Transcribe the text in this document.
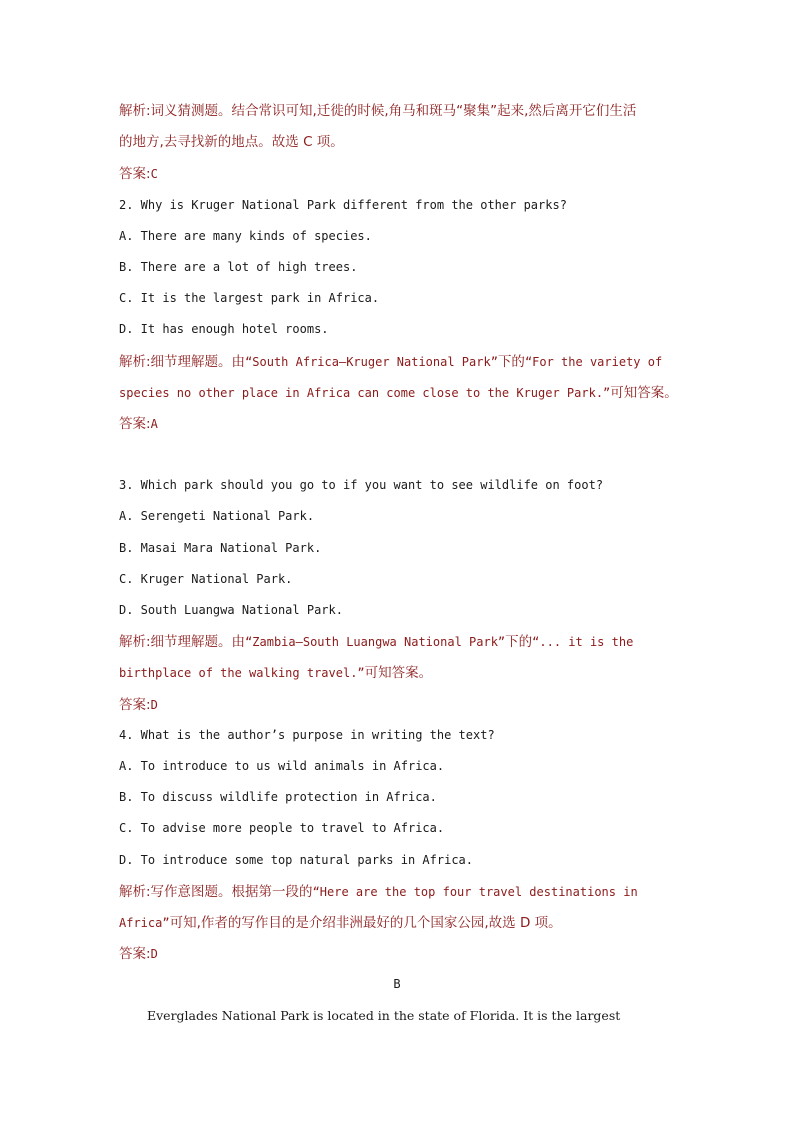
解析:词义猜测题。结合常识可知,迁徙的时候,角马和斑马“聚集”起来,然后离开它们生活
的地方,去寻找新的地点。故选 C 项。
答案:C
2. Why is Kruger National Park different from the other parks?
A. There are many kinds of species.
B. There are a lot of high trees.
C. It is the largest park in Africa.
D. It has enough hotel rooms.
解析:细节理解题。由“South Africa—Kruger National Park”下的“For the variety of
species no other place in Africa can come close to the Kruger Park.”可知答案。
答案:A
3. Which park should you go to if you want to see wildlife on foot?
A. Serengeti National Park.
B. Masai Mara National Park.
C. Kruger National Park.
D. South Luangwa National Park.
解析:细节理解题。由“Zambia—South Luangwa National Park”下的“... it is the
birthplace of the walking travel.”可知答案。
答案:D
4. What is the author’s purpose in writing the text?
A. To introduce to us wild animals in Africa.
B. To discuss wildlife protection in Africa.
C. To advise more people to travel to Africa.
D. To introduce some top natural parks in Africa.
解析:写作意图题。根据第一段的“Here are the top four travel destinations in
Africa”可知,作者的写作目的是介绍非洲最好的几个国家公园,故选 D 项。
答案:D
B
Everglades National Park is located in the state of Florida. It is the largest
